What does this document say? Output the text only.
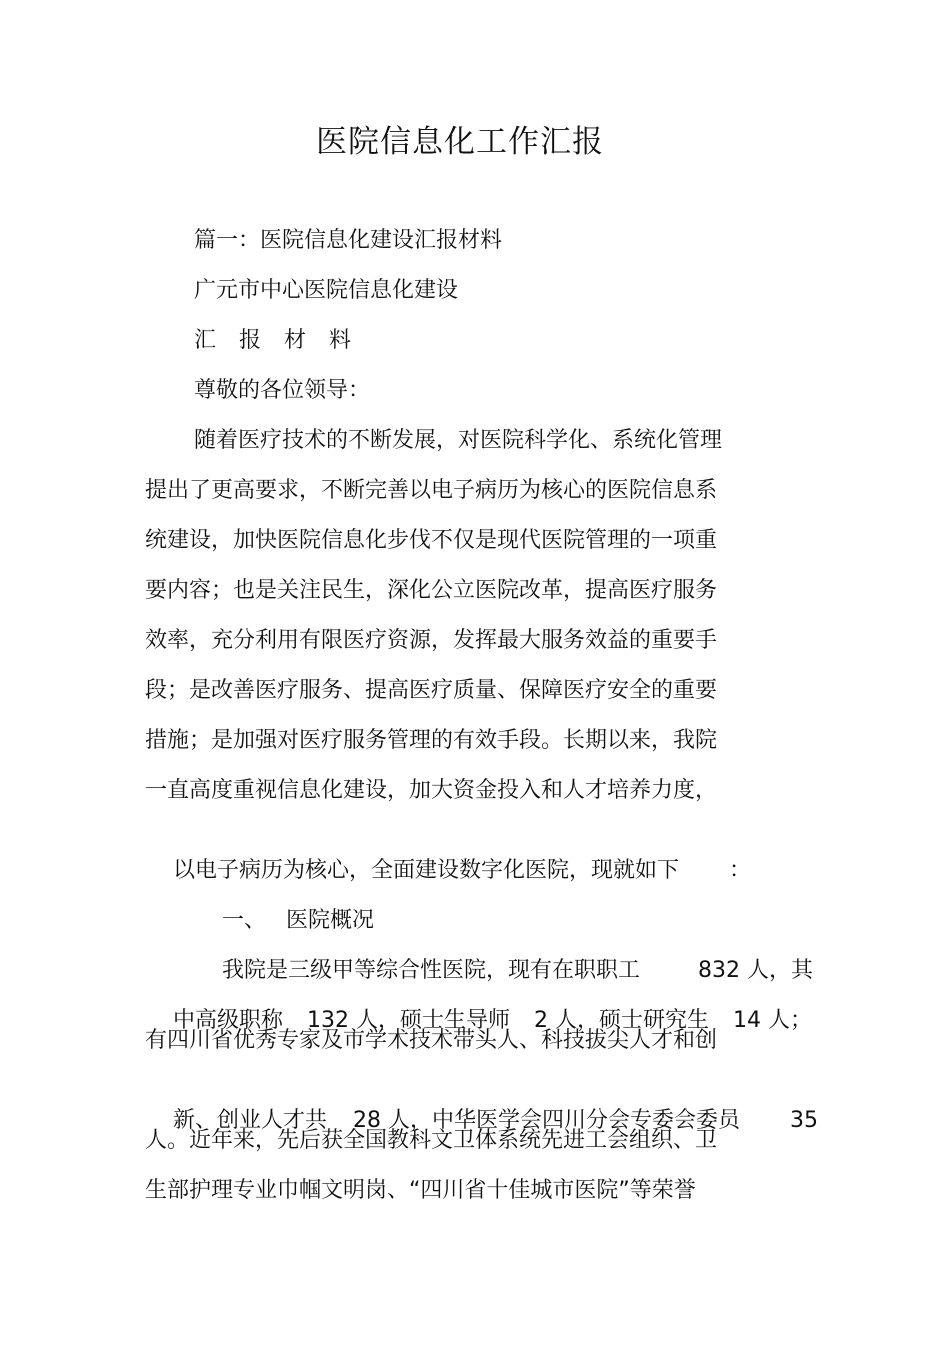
医院信息化工作汇报
篇一：医院信息化建设汇报材料
广元市中心医院信息化建设
汇 报 材 料
尊敬的各位领导：
随着医疗技术的不断发展，对医院科学化、系统化管理
提出了更高要求，不断完善以电子病历为核心的医院信息系
统建设，加快医院信息化步伐不仅是现代医院管理的一项重
要内容；也是关注民生，深化公立医院改革，提高医疗服务
效率，充分利用有限医疗资源，发挥最大服务效益的重要手
段；是改善医疗服务、提高医疗质量、保障医疗安全的重要
措施；是加强对医疗服务管理的有效手段。长期以来，我院
一直高度重视信息化建设，加大资金投入和人才培养力度，

以电子病历为核心，全面建设数字化医院，现就如下 ：

一、 医院概况

我院是三级甲等综合性医院，现有在职职工	832 人，其

中高级职称 132 人，硕士生导师 2 人，硕士研究生 14 人；

有四川省优秀专家及市学术技术带头人、科技拔尖人才和创

新、创业人才共 28 人，中华医学会四川分会专委会委员 35

人。近年来，先后获全国教科文卫体系统先进工会组织、卫
生部护理专业巾帼文明岗、“四川省十佳城市医院”等荣誉
